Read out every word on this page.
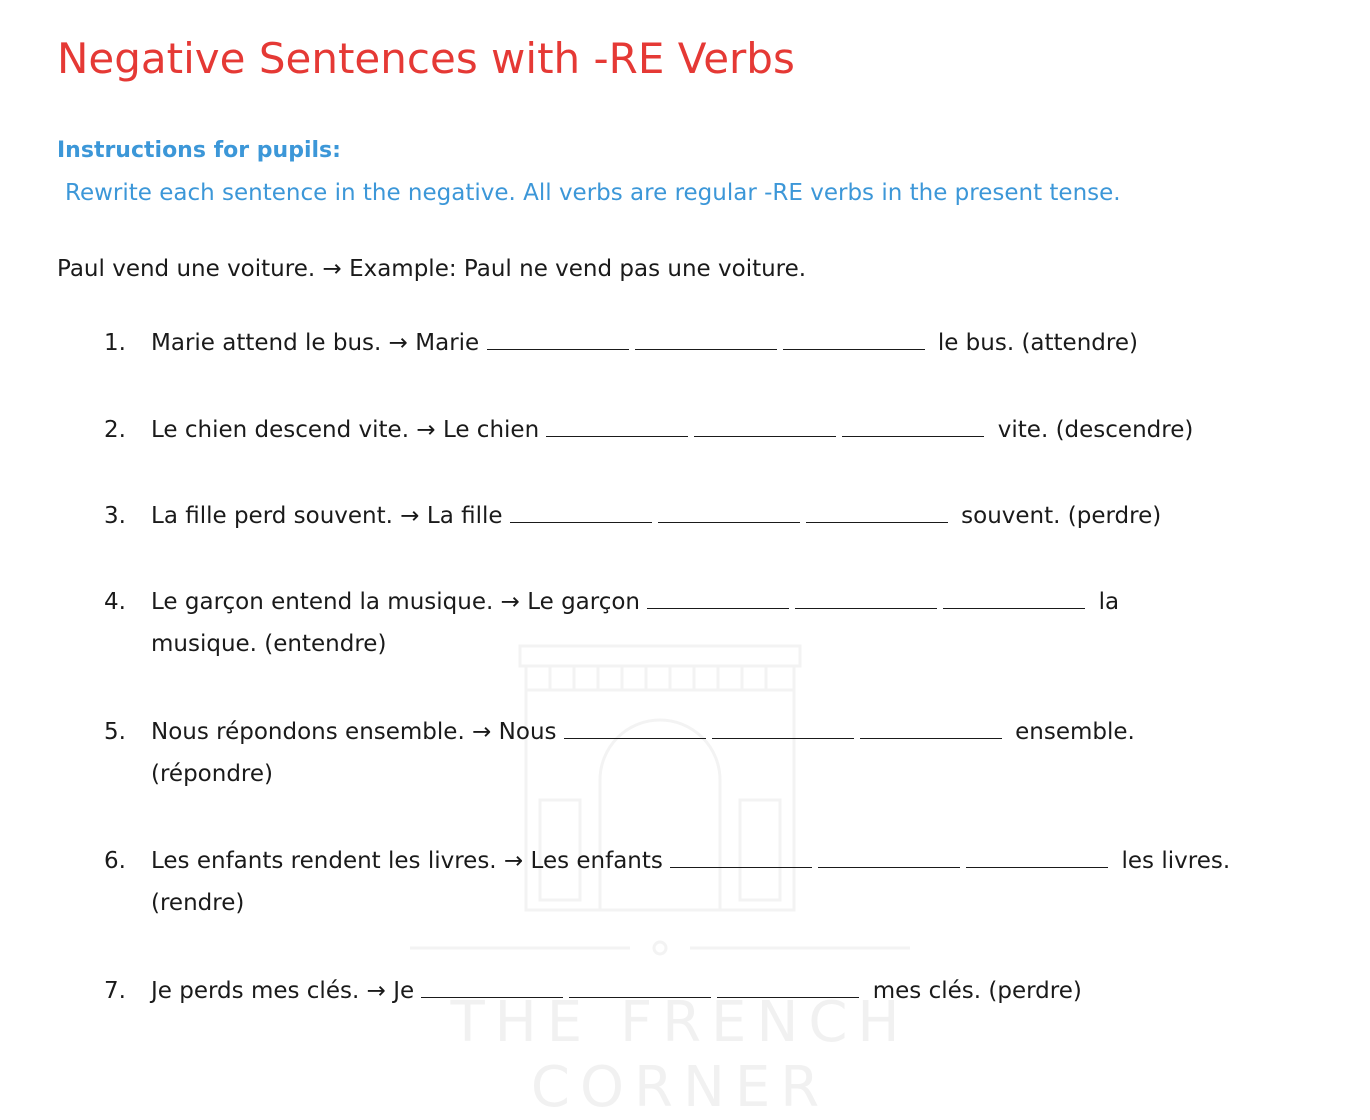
THE FRENCH CORNER
Negative Sentences with -RE Verbs
Instructions for pupils:
Rewrite each sentence in the negative. All verbs are regular -RE verbs in the present tense.
Paul vend une voiture. → Example: Paul ne vend pas une voiture.
1.	Marie attend le bus. → Marie	le bus. (attendre)
2.	Le chien descend vite. → Le chien	vite. (descendre)
3.	La fille perd souvent. → La fille	souvent. (perdre)
4.	Le garçon entend la musique. → Le garçon	la musique. (entendre)
5.	Nous répondons ensemble. → Nous	ensemble. (répondre)
6.	Les enfants rendent les livres. → Les enfants	les livres. (rendre)
7.	Je perds mes clés. → Je	mes clés. (perdre)
